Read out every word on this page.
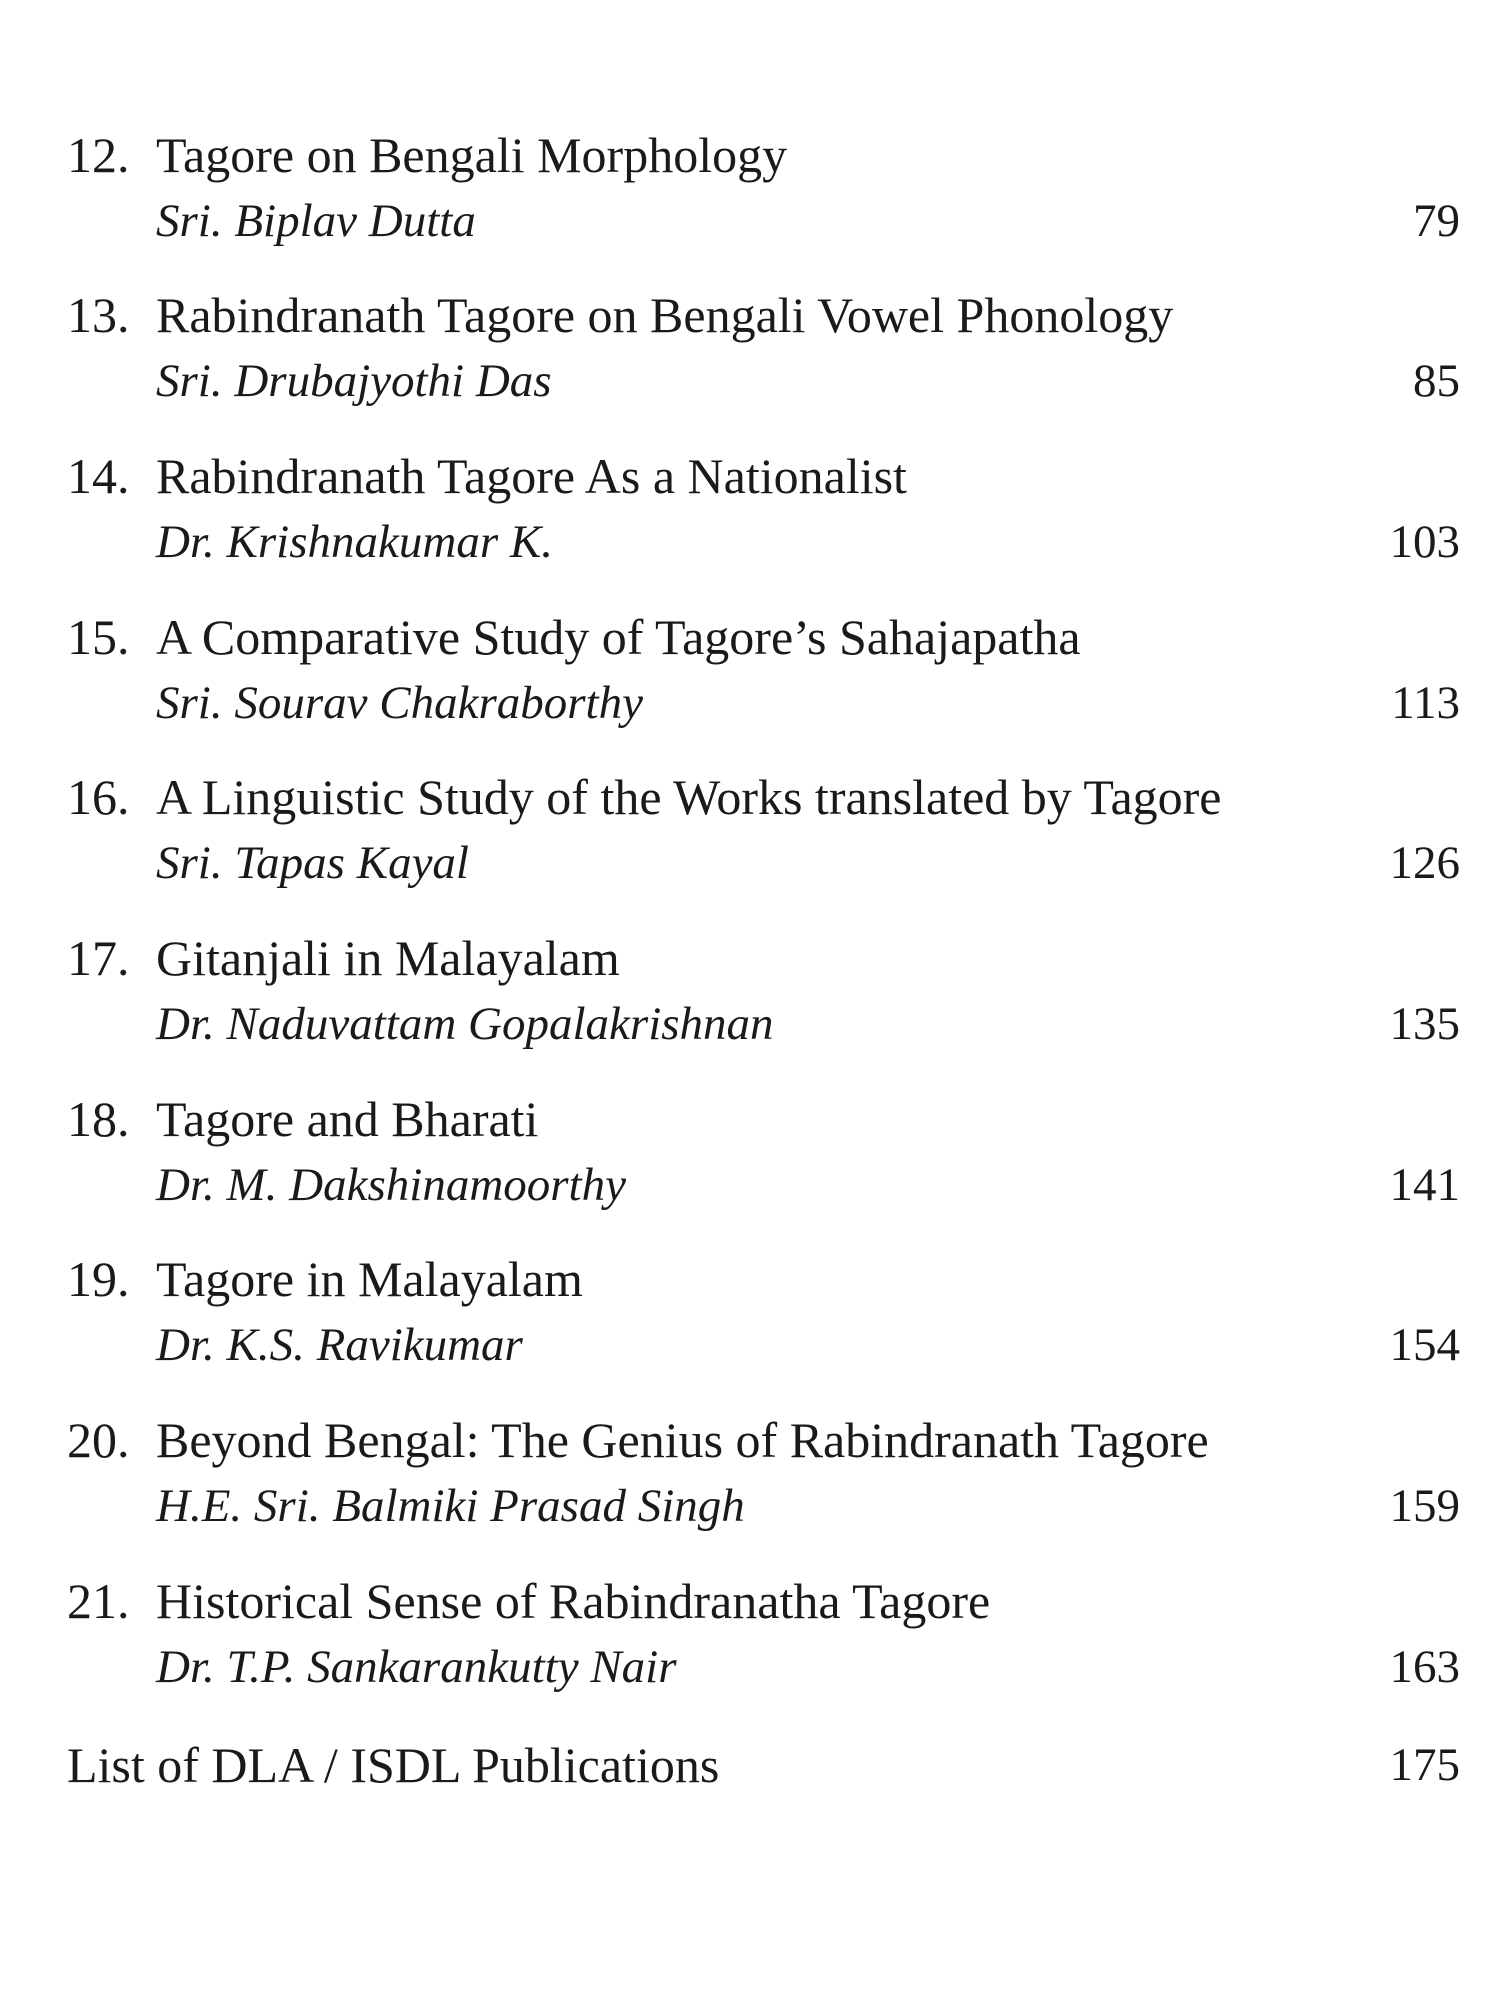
12. Tagore on Bengali Morphology
Sri. Biplav Dutta	79
13. Rabindranath Tagore on Bengali Vowel Phonology
Sri. Drubajyothi Das	85
14. Rabindranath Tagore As a Nationalist
Dr. Krishnakumar K.	103
15. A Comparative Study of Tagore’s Sahajapatha
Sri. Sourav Chakraborthy	113
16. A Linguistic Study of the Works translated by Tagore
Sri. Tapas Kayal	126
17. Gitanjali in Malayalam
Dr. Naduvattam Gopalakrishnan	135
18. Tagore and Bharati
Dr. M. Dakshinamoorthy	141
19. Tagore in Malayalam
Dr. K.S. Ravikumar	154
20. Beyond Bengal: The Genius of Rabindranath Tagore
H.E. Sri. Balmiki Prasad Singh	159
21. Historical Sense of Rabindranatha Tagore
Dr. T.P. Sankarankutty Nair	163
List of DLA / ISDL Publications	175
